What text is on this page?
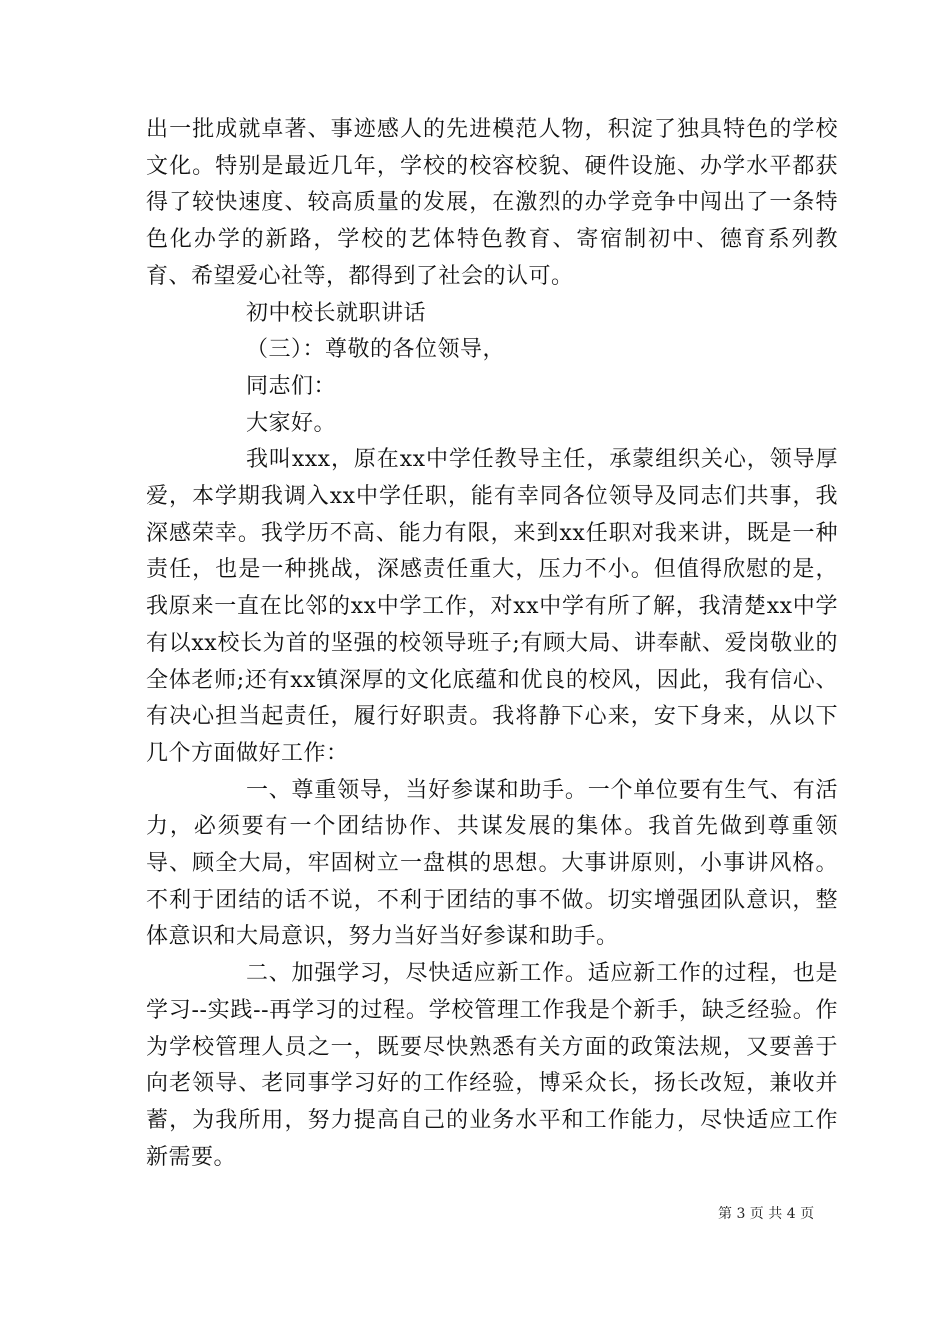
出一批成就卓著、事迹感人的先进模范人物，积淀了独具特色的学校文化。特别是最近几年，学校的校容校貌、硬件设施、办学水平都获得了较快速度、较高质量的发展，在激烈的办学竞争中闯出了一条特色化办学的新路，学校的艺体特色教育、寄宿制初中、德育系列教育、希望爱心社等，都得到了社会的认可。

初中校长就职讲话

（三）：尊敬的各位领导，

同志们：

大家好。

我叫xxx，原在xx中学任教导主任，承蒙组织关心，领导厚爱，本学期我调入xx中学任职，能有幸同各位领导及同志们共事，我深感荣幸。我学历不高、能力有限，来到xx任职对我来讲，既是一种责任，也是一种挑战，深感责任重大，压力不小。但值得欣慰的是，我原来一直在比邻的xx中学工作，对xx中学有所了解，我清楚xx中学有以xx校长为首的坚强的校领导班子;有顾大局、讲奉献、爱岗敬业的全体老师;还有xx镇深厚的文化底蕴和优良的校风，因此，我有信心、有决心担当起责任，履行好职责。我将静下心来，安下身来，从以下几个方面做好工作：

一、尊重领导，当好参谋和助手。一个单位要有生气、有活力，必须要有一个团结协作、共谋发展的集体。我首先做到尊重领导、顾全大局，牢固树立一盘棋的思想。大事讲原则，小事讲风格。不利于团结的话不说，不利于团结的事不做。切实增强团队意识，整体意识和大局意识，努力当好当好参谋和助手。

二、加强学习，尽快适应新工作。适应新工作的过程，也是学习--实践--再学习的过程。学校管理工作我是个新手，缺乏经验。作为学校管理人员之一，既要尽快熟悉有关方面的政策法规，又要善于向老领导、老同事学习好的工作经验，博采众长，扬长改短，兼收并蓄，为我所用，努力提高自己的业务水平和工作能力，尽快适应工作新需要。

第 3 页 共 4 页
